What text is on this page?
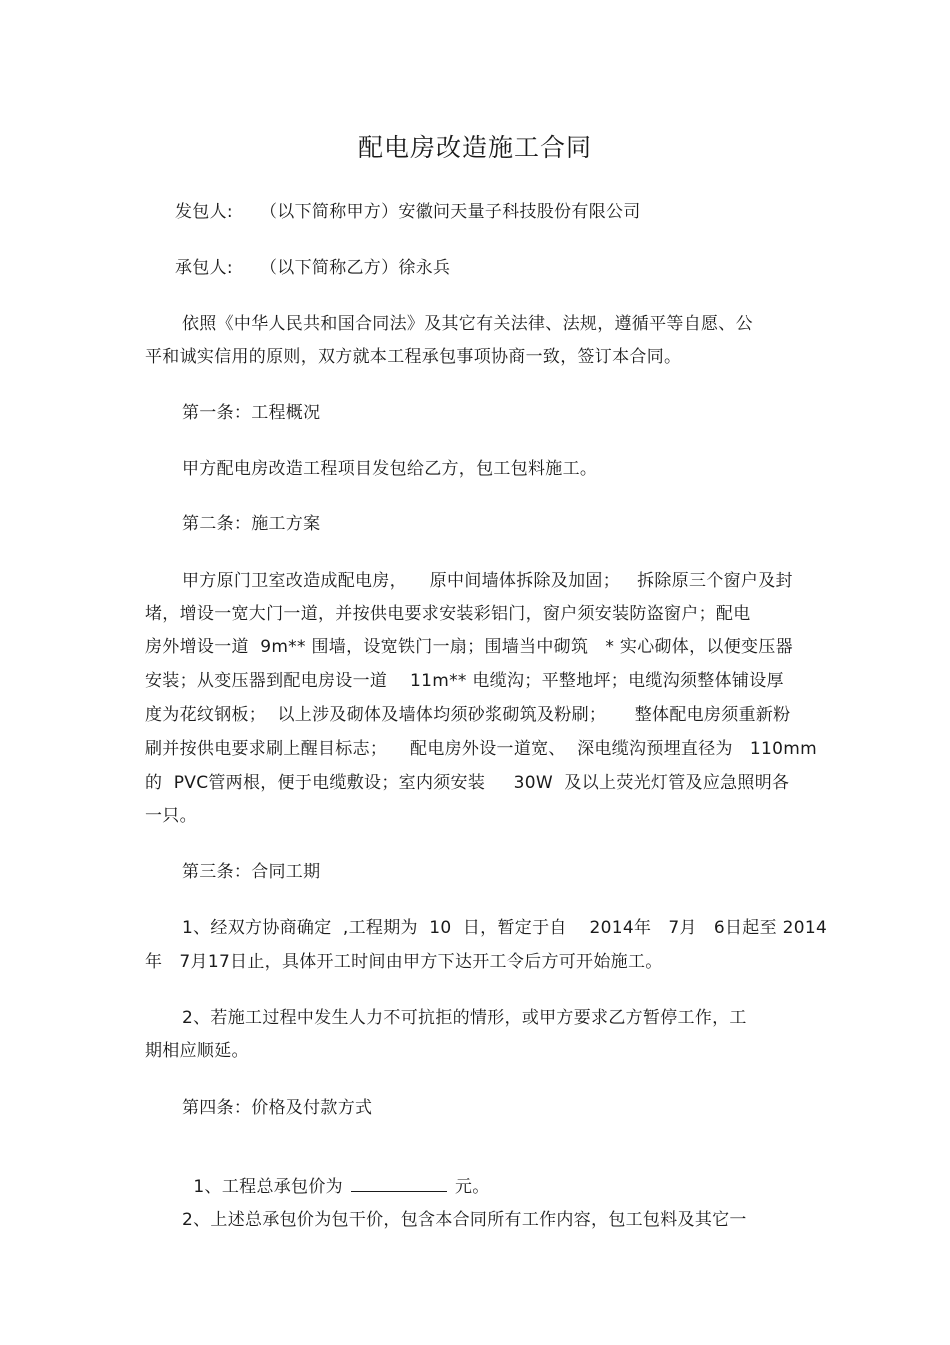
配电房改造施工合同
发包人: （以下简称甲方）安徽问天量子科技股份有限公司
承包人: （以下简称乙方）徐永兵
依照《中华人民共和国合同法》及其它有关法律、法规，遵循平等自愿、公
平和诚实信用的原则，双方就本工程承包事项协商一致，签订本合同。
第一条：工程概况
甲方配电房改造工程项目发包给乙方，包工包料施工。
第二条：施工方案
甲方原门卫室改造成配电房，    原中间墙体拆除及加固；   拆除原三个窗户及封
堵，增设一宽大门一道，并按供电要求安装彩铝门，窗户须安装防盗窗户；配电
房外增设一道  9m** 围墙，设宽铁门一扇；围墙当中砌筑   * 实心砌体，以便变压器
安装；从变压器到配电房设一道    11m** 电缆沟；平整地坪；电缆沟须整体铺设厚
度为花纹钢板；  以上涉及砌体及墙体均须砂浆砌筑及粉刷；     整体配电房须重新粉
刷并按供电要求刷上醒目标志；    配电房外设一道宽、  深电缆沟预埋直径为   110mm
的  PVC管两根，便于电缆敷设；室内须安装     30W  及以上荧光灯管及应急照明各
一只。
第三条：合同工期
1、经双方协商确定  ,工程期为  10  日，暂定于自    2014年   7月   6日起至 2014
年   7月17日止，具体开工时间由甲方下达开工令后方可开始施工。
2、若施工过程中发生人力不可抗拒的情形，或甲方要求乙方暂停工作，工
期相应顺延。
第四条：价格及付款方式

1、工程总承包价为	元。

2、上述总承包价为包干价，包含本合同所有工作内容，包工包料及其它一
